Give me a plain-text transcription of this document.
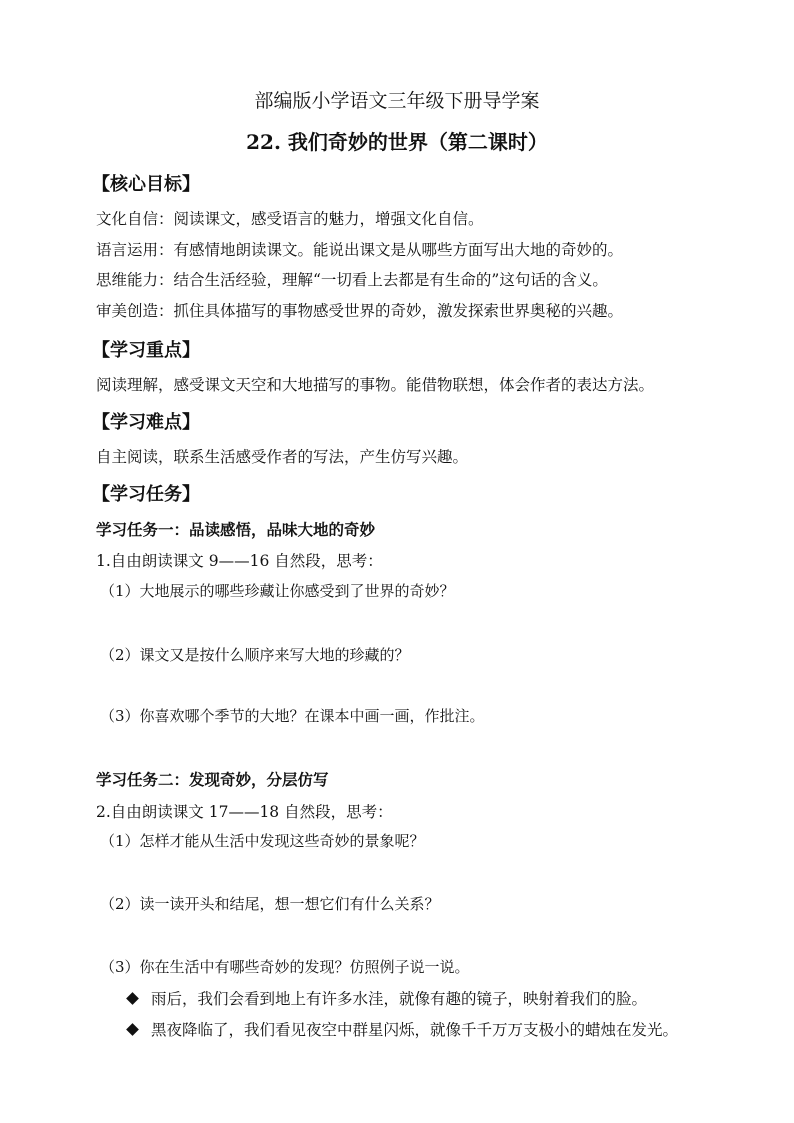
部编版小学语文三年级下册导学案
22. 我们奇妙的世界（第二课时）
【核心目标】
文化自信：阅读课文，感受语言的魅力，增强文化自信。
语言运用：有感情地朗读课文。能说出课文是从哪些方面写出大地的奇妙的。
思维能力：结合生活经验，理解“一切看上去都是有生命的”这句话的含义。
审美创造：抓住具体描写的事物感受世界的奇妙，激发探索世界奥秘的兴趣。
【学习重点】
阅读理解，感受课文天空和大地描写的事物。能借物联想，体会作者的表达方法。
【学习难点】
自主阅读，联系生活感受作者的写法，产生仿写兴趣。
【学习任务】
学习任务一：品读感悟，品味大地的奇妙
1.自由朗读课文 9——16 自然段，思考：
（1）大地展示的哪些珍藏让你感受到了世界的奇妙？
（2）课文又是按什么顺序来写大地的珍藏的？
（3）你喜欢哪个季节的大地？在课本中画一画，作批注。
学习任务二：发现奇妙，分层仿写
2.自由朗读课文 17——18 自然段，思考：
（1）怎样才能从生活中发现这些奇妙的景象呢？
（2）读一读开头和结尾，想一想它们有什么关系？
（3）你在生活中有哪些奇妙的发现？仿照例子说一说。
雨后，我们会看到地上有许多水洼，就像有趣的镜子，映射着我们的脸。
黑夜降临了，我们看见夜空中群星闪烁，就像千千万万支极小的蜡烛在发光。
